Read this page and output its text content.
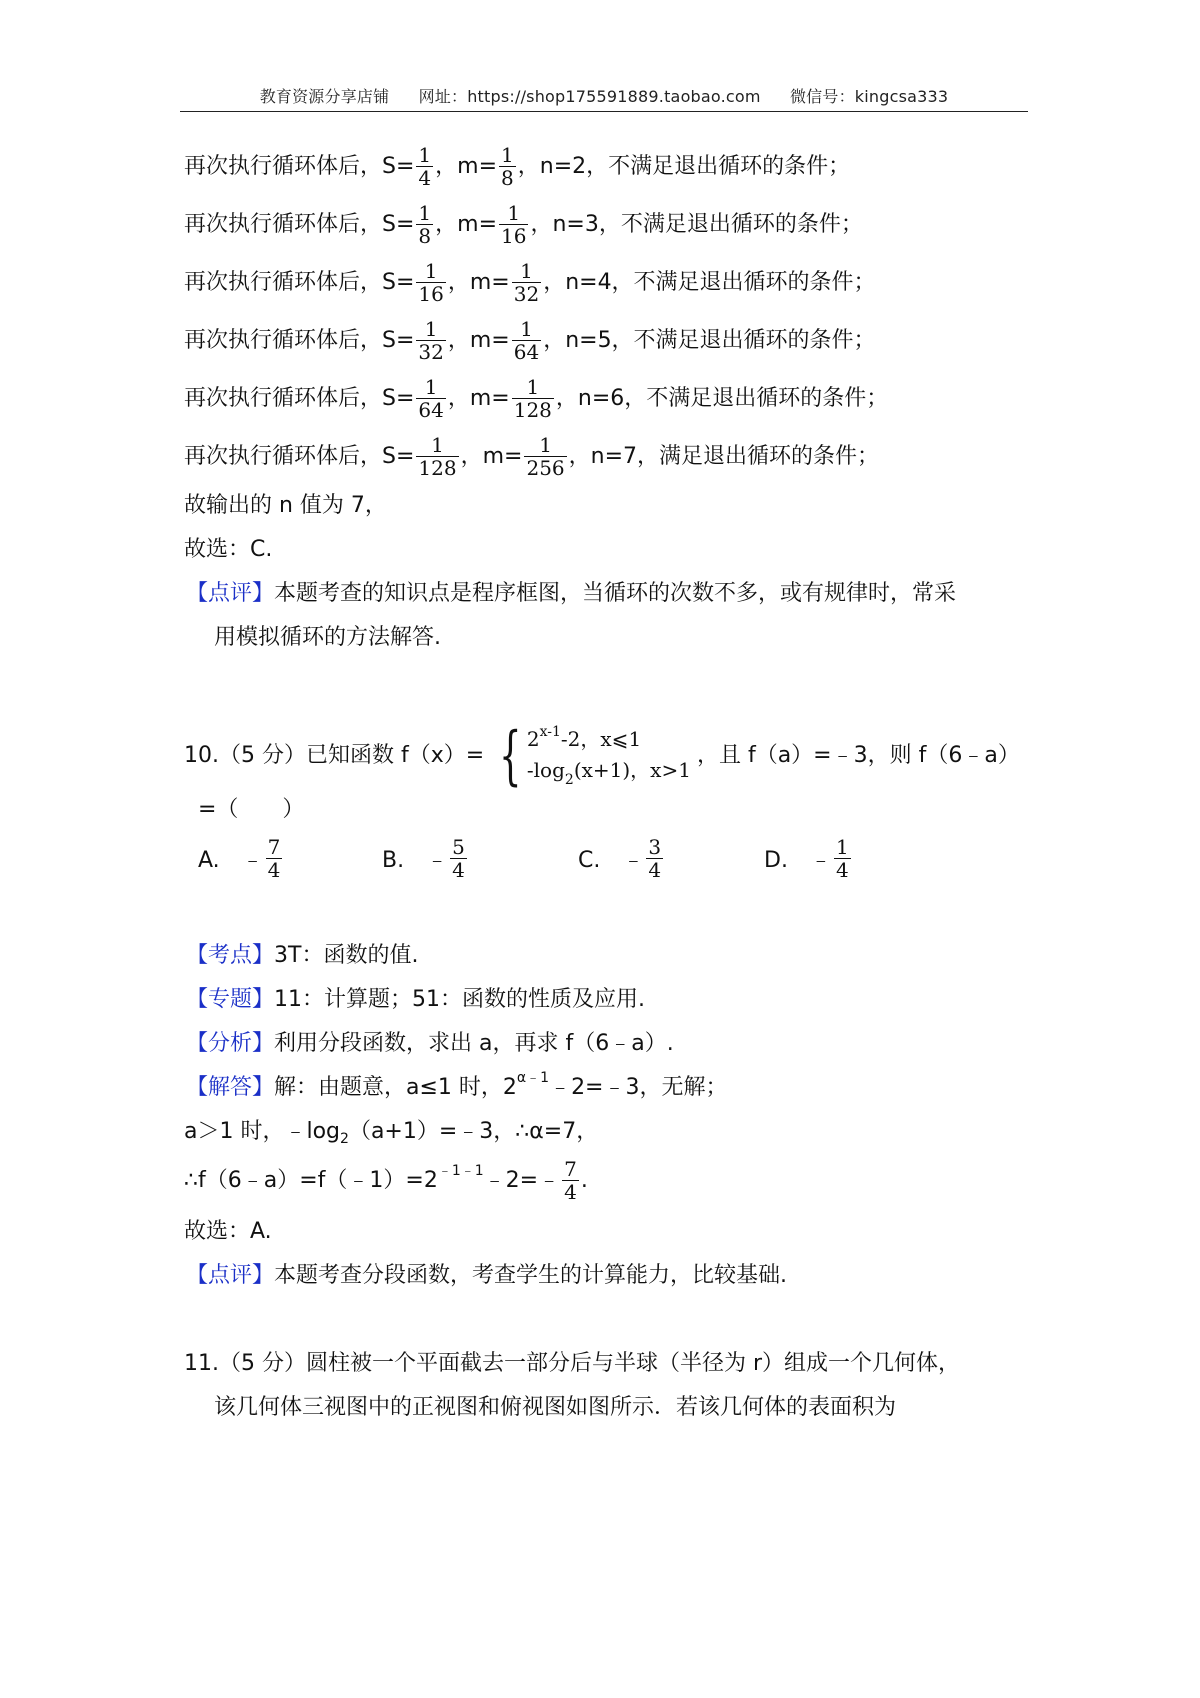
教育资源分享店铺 网址：https://shop175591889.taobao.com 微信号：kingcsa333
再次执行循环体后，$S= \frac{1}{4}$ ，$m= \frac{1}{8}$ ，n=2，不满足退出循环的条件；
再次执行循环体后，$S= \frac{1}{8}$ ，$m= \frac{1}{16}$ ，n=3，不满足退出循环的条件；
再次执行循环体后，$S= \frac{1}{16}$ ，$m= \frac{1}{32}$ ，n=4，不满足退出循环的条件；
再次执行循环体后，$S= \frac{1}{32}$ ，$m= \frac{1}{64}$ ，n=5，不满足退出循环的条件；
再次执行循环体后，$S= \frac{1}{64}$ ，$m= \frac{1}{128}$ ，n=6，不满足退出循环的条件；
再次执行循环体后，$S= \frac{1}{128}$ ，$m= \frac{1}{256}$ ，n=7，满足退出循环的条件；
故输出的 n 值为 7，
故选：C.
【点评】 本题考查的知识点是程序框图，当循环的次数不多，或有规律时，常采
用模拟循环的方法解答.
10.（5 分）已知函数 f（x）= { 2$^{x-1}$-2，x⩽1
$-\log_2(x+1)$，x>1
，且 f（a）=﹣3，则 f（6﹣a）
=（　　）
A.　﹣ $\frac{7}{4}$	B.　﹣ $\frac{5}{4}$	C.　﹣ $\frac{3}{4}$	D.　﹣ $\frac{1}{4}$
【考点】 3T：函数的值.
【专题】 11：计算题；51：函数的性质及应用.
【分析】 利用分段函数，求出 a，再求 f（6﹣a）.
【解答】 解：由题意，a≤1 时，2 α﹣1 ﹣2=﹣3，无解；
a＞1 时，﹣log 2 （a+1）=﹣3，∴α=7，
∴f（6﹣a）=f（﹣1）=2 ﹣1﹣1 ﹣2=﹣ $\frac{7}{4}$ .
故选：A.
【点评】 本题考查分段函数，考查学生的计算能力，比较基础.
11.（5 分）圆柱被一个平面截去一部分后与半球（半径为 r）组成一个几何体，
该几何体三视图中的正视图和俯视图如图所示．若该几何体的表面积为
